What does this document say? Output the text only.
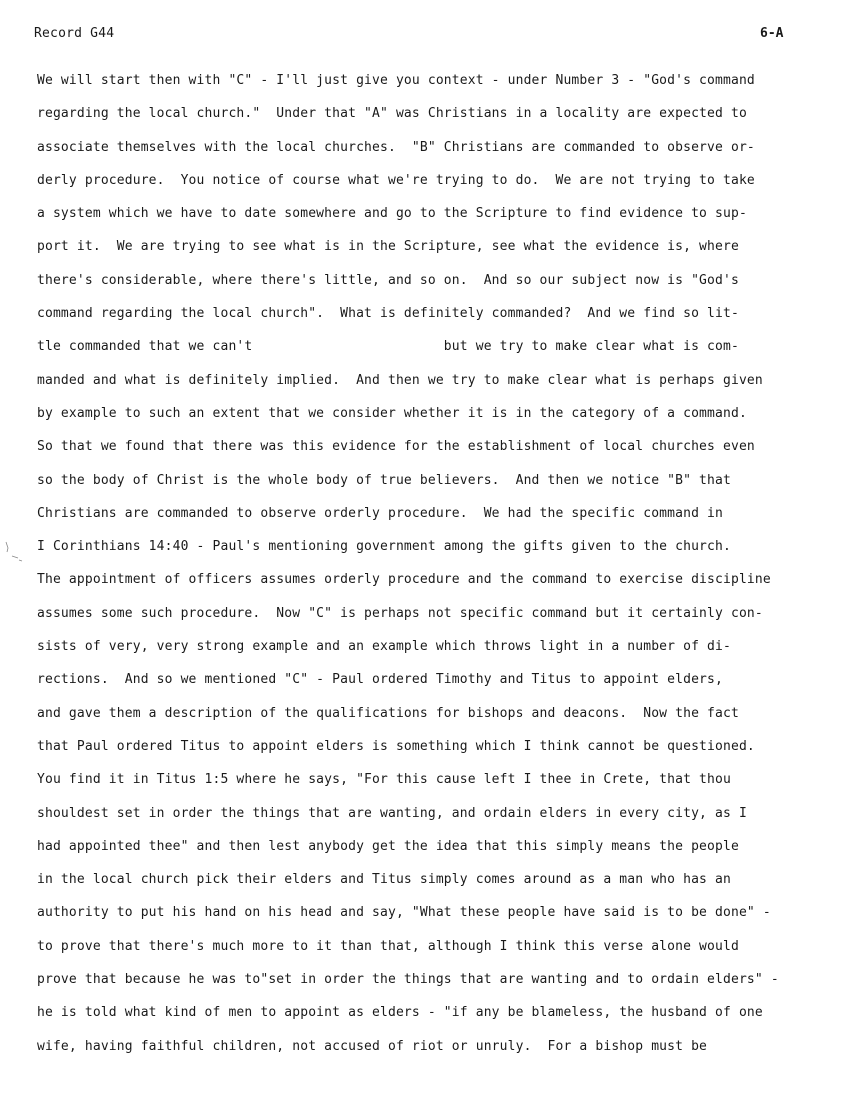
Record G44	6-A
We will start then with "C" - I'll just give you context - under Number 3 - "God's command
regarding the local church."  Under that "A" was Christians in a locality are expected to
associate themselves with the local churches.  "B" Christians are commanded to observe or-
derly procedure.  You notice of course what we're trying to do.  We are not trying to take
a system which we have to date somewhere and go to the Scripture to find evidence to sup-
port it.  We are trying to see what is in the Scripture, see what the evidence is, where
there's considerable, where there's little, and so on.  And so our subject now is "God's
command regarding the local church".  What is definitely commanded?  And we find so lit-
tle commanded that we can't                        but we try to make clear what is com-
manded and what is definitely implied.  And then we try to make clear what is perhaps given
by example to such an extent that we consider whether it is in the category of a command.
So that we found that there was this evidence for the establishment of local churches even
so the body of Christ is the whole body of true believers.  And then we notice "B" that
Christians are commanded to observe orderly procedure.  We had the specific command in
I Corinthians 14:40 - Paul's mentioning government among the gifts given to the church.
The appointment of officers assumes orderly procedure and the command to exercise discipline
assumes some such procedure.  Now "C" is perhaps not specific command but it certainly con-
sists of very, very strong example and an example which throws light in a number of di-
rections.  And so we mentioned "C" - Paul ordered Timothy and Titus to appoint elders,
and gave them a description of the qualifications for bishops and deacons.  Now the fact
that Paul ordered Titus to appoint elders is something which I think cannot be questioned.
You find it in Titus 1:5 where he says, "For this cause left I thee in Crete, that thou
shouldest set in order the things that are wanting, and ordain elders in every city, as I
had appointed thee" and then lest anybody get the idea that this simply means the people
in the local church pick their elders and Titus simply comes around as a man who has an
authority to put his hand on his head and say, "What these people have said is to be done" -
to prove that there's much more to it than that, although I think this verse alone would
prove that because he was to"set in order the things that are wanting and to ordain elders" -
he is told what kind of men to appoint as elders - "if any be blameless, the husband of one
wife, having faithful children, not accused of riot or unruly.  For a bishop must be
